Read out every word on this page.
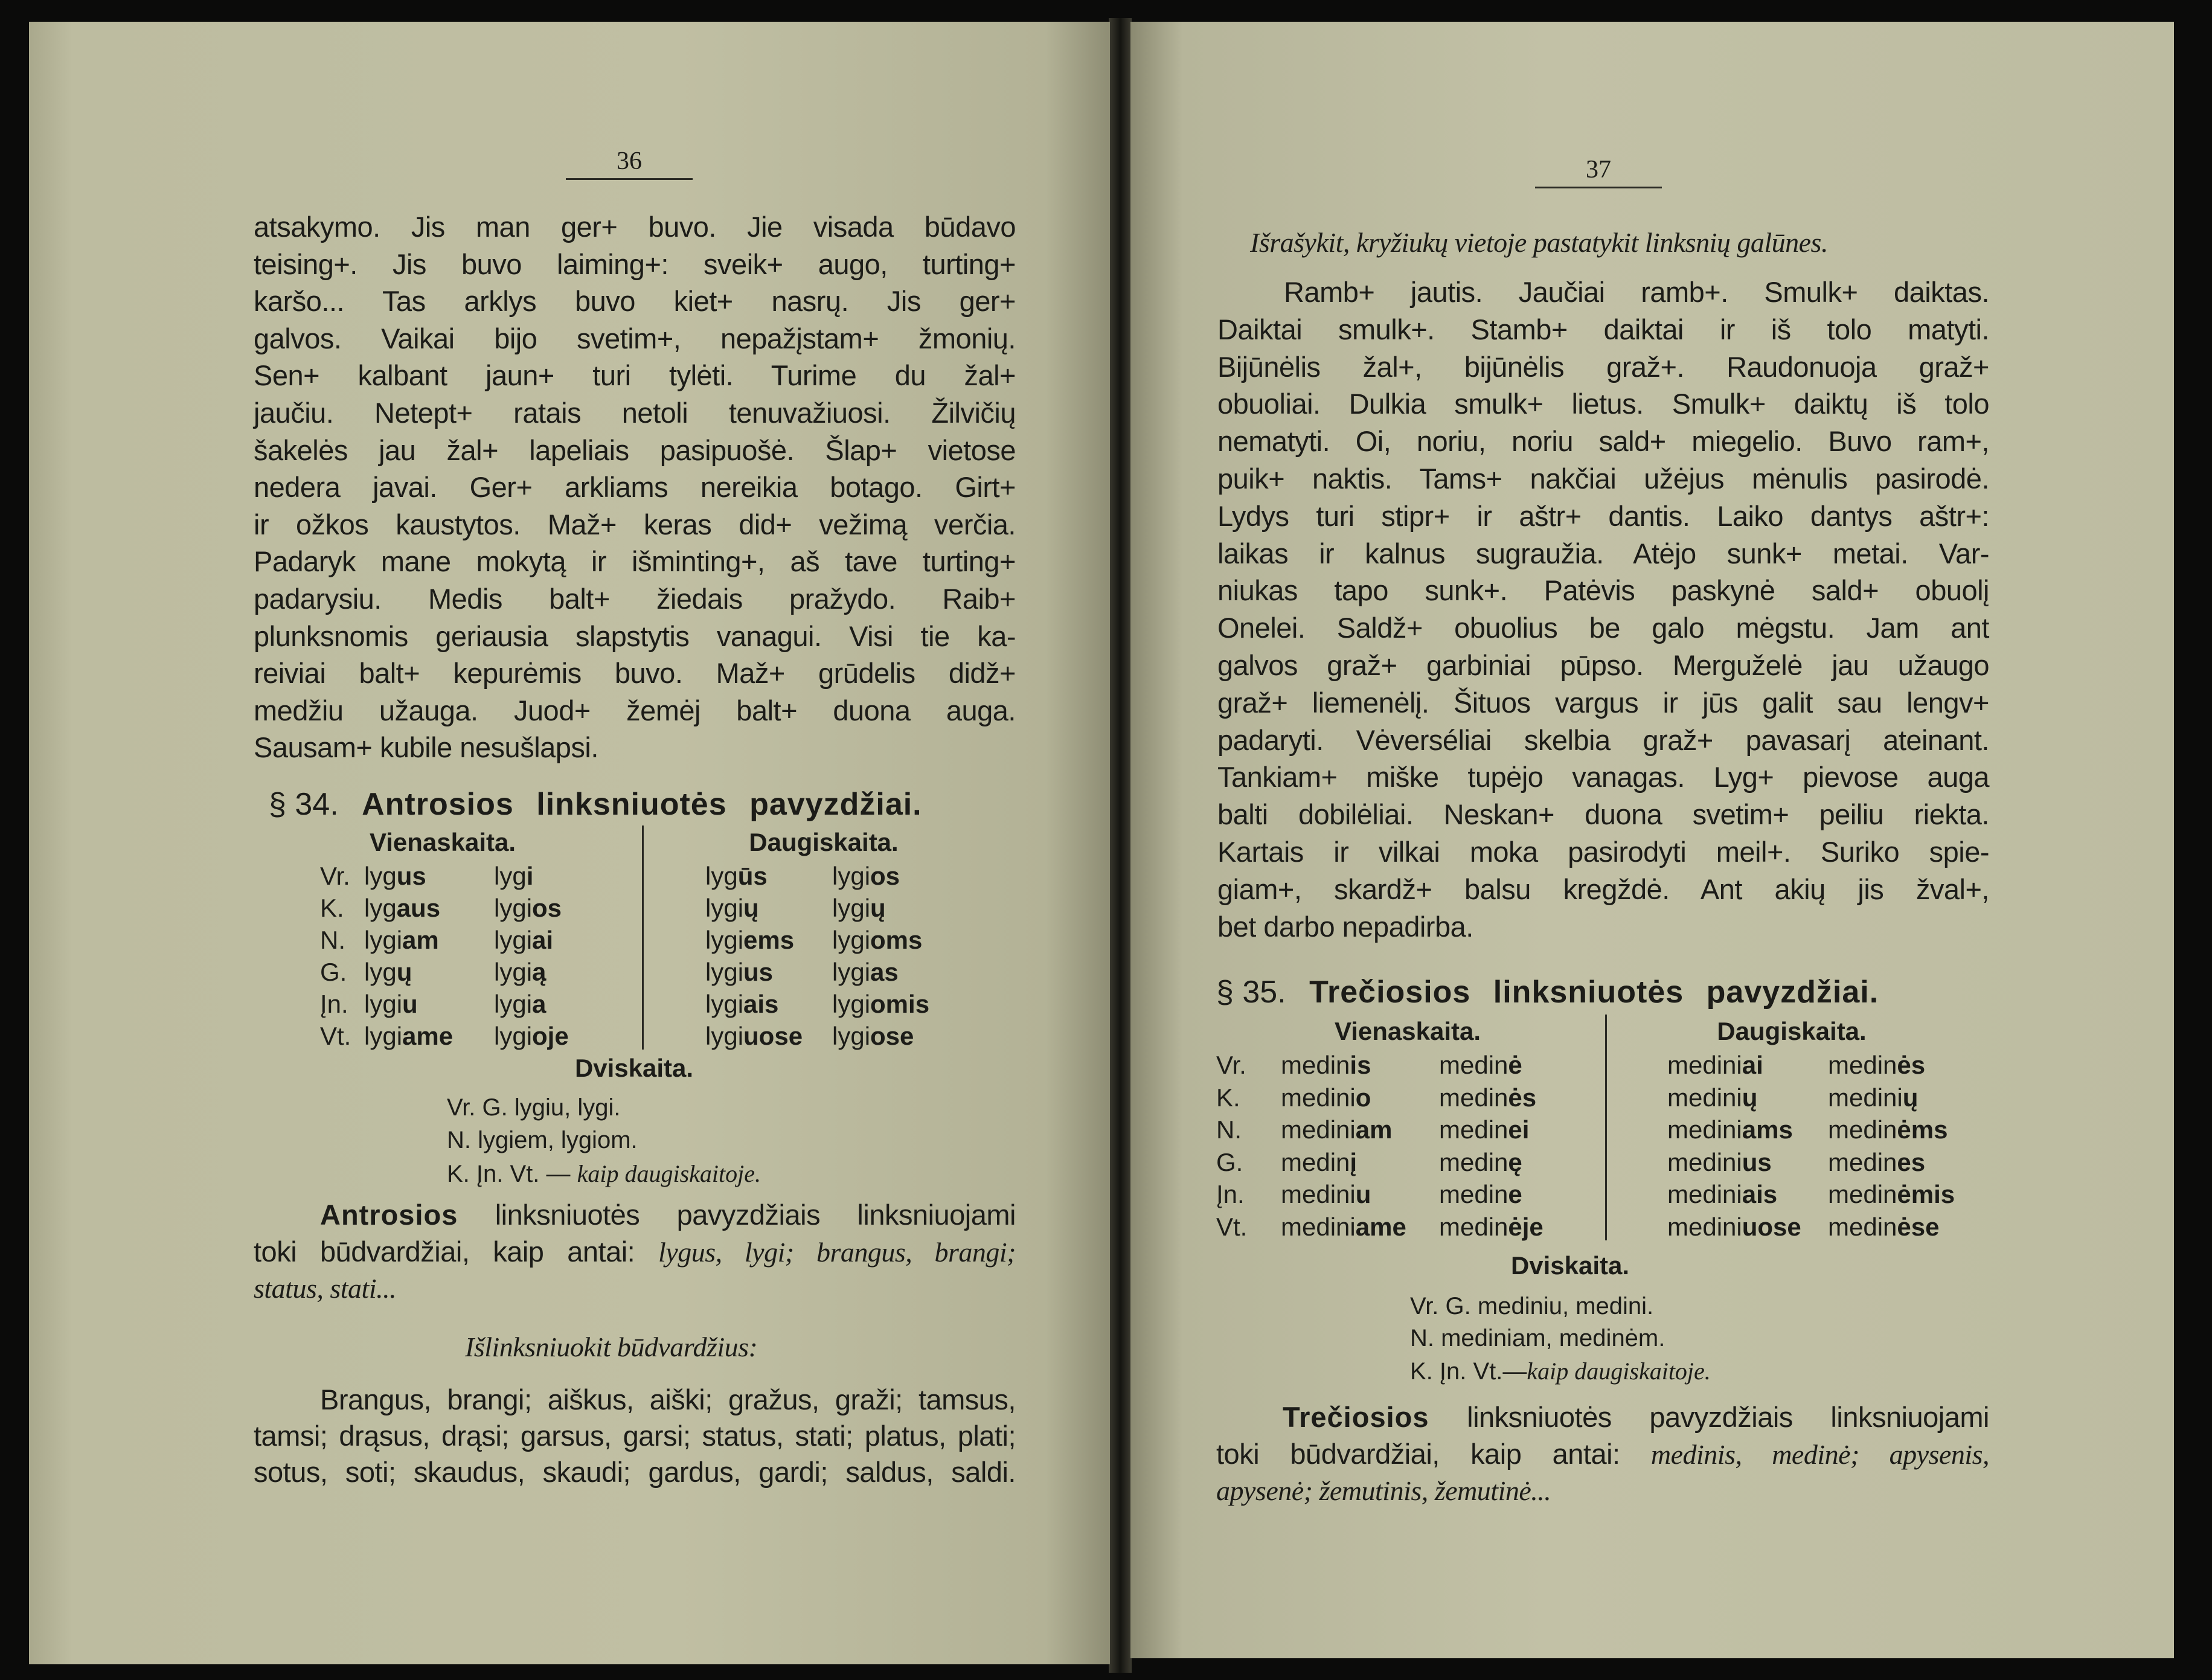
36
atsakymo. Jis man ger+ buvo. Jie visada būdavo
teising+. Jis buvo laiming+: sveik+ augo, turting+
karšo... Tas arklys buvo kiet+ nasrų. Jis ger+
galvos. Vaikai bijo svetim+, nepažįstam+ žmonių.
Sen+ kalbant jaun+ turi tylėti. Turime du žal+
jaučiu. Netept+ ratais netoli tenuvažiuosi. Žilvičių
šakelės jau žal+ lapeliais pasipuošė. Šlap+ vietose
nedera javai. Ger+ arkliams nereikia botago. Girt+
ir ožkos kaustytos. Maž+ keras did+ vežimą verčia.
Padaryk mane mokytą ir išminting+, aš tave turting+
padarysiu. Medis balt+ žiedais pražydo. Raib+
plunksnomis geriausia slapstytis vanagui. Visi tie ka-
reiviai balt+ kepurėmis buvo. Maž+ grūdelis didž+
medžiu užauga. Juod+ žemėj balt+ duona auga.
Sausam+ kubile nesušlapsi.
§ 34. Antrosios linksniuotės pavyzdžiai.
Vienaskaita.	Daugiskaita.
Vr. lygus	lygi	lygūs	lygios
K. lygaus lygios	lygių	lygių
N. lygiam lygiai	lygiems lygioms
G. lygų	lygią	lygius lygias
Įn. lygiu	lygia	lygiais lygiomis
Vt. lygiame lygioje	lygiuose lygiose
Dviskaita.
Vr. G. lygiu, lygi.
N. lygiem, lygiom.
K. Įn. Vt. — kaip daugiskaitoje.
Antrosios linksniuotės pavyzdžiais linksniuojami
toki būdvardžiai, kaip antai: lygus, lygi; brangus, brangi;
status, stati...
Išlinksniuokit būdvardžius:
Brangus, brangi; aiškus, aiški; gražus, graži; tamsus,
tamsi; drąsus, drąsi; garsus, garsi; status, stati; platus, plati;
sotus, soti; skaudus, skaudi; gardus, gardi; saldus, saldi.
37
Išrašykit, kryžiukų vietoje pastatykit linksnių galūnes.
Ramb+ jautis. Jaučiai ramb+. Smulk+ daiktas.
Daiktai smulk+. Stamb+ daiktai ir iš tolo matyti.
Bijūnėlis žal+, bijūnėlis graž+. Raudonuoja graž+
obuoliai. Dulkia smulk+ lietus. Smulk+ daiktų iš tolo
nematyti. Oi, noriu, noriu sald+ miegelio. Buvo ram+,
puik+ naktis. Tams+ nakčiai užėjus mėnulis pasirodė.
Lydys turi stipr+ ir aštr+ dantis. Laiko dantys aštr+:
laikas ir kalnus sugraužia. Atėjo sunk+ metai. Var-
niukas tapo sunk+. Patėvis paskynė sald+ obuolį
Onelei. Saldž+ obuolius be galo mėgstu. Jam ant
galvos graž+ garbiniai pūpso. Merguželė jau užaugo
graž+ liemenėlį. Šituos vargus ir jūs galit sau lengv+
padaryti. Vėverséliai skelbia graž+ pavasarį ateinant.
Tankiam+ miške tupėjo vanagas. Lyg+ pievose auga
balti dobilėliai. Neskan+ duona svetim+ peiliu riekta.
Kartais ir vilkai moka pasirodyti meil+. Suriko spie-
giam+, skardž+ balsu kregždė. Ant akių jis žval+,
bet darbo nepadirba.
§ 35. Trečiosios linksniuotės pavyzdžiai.
Vienaskaita.	Daugiskaita.
Vr. medinis	medinė	mediniai	medinės
K. medinio	medinės	medinių	medinių
N. mediniam medinei	mediniams medinėms
G. medinį	medinę	medinius medines
Įn. mediniu	medine	mediniais medinėmis
Vt. mediniame medinėje	mediniuose medinėse
Dviskaita.
Vr. G. mediniu, medini.
N. mediniam, medinėm.
K. Įn. Vt.—kaip daugiskaitoje.
Trečiosios linksniuotės pavyzdžiais linksniuojami
toki būdvardžiai, kaip antai: medinis, medinė; apysenis,
apysenė; žemutinis, žemutinė...
